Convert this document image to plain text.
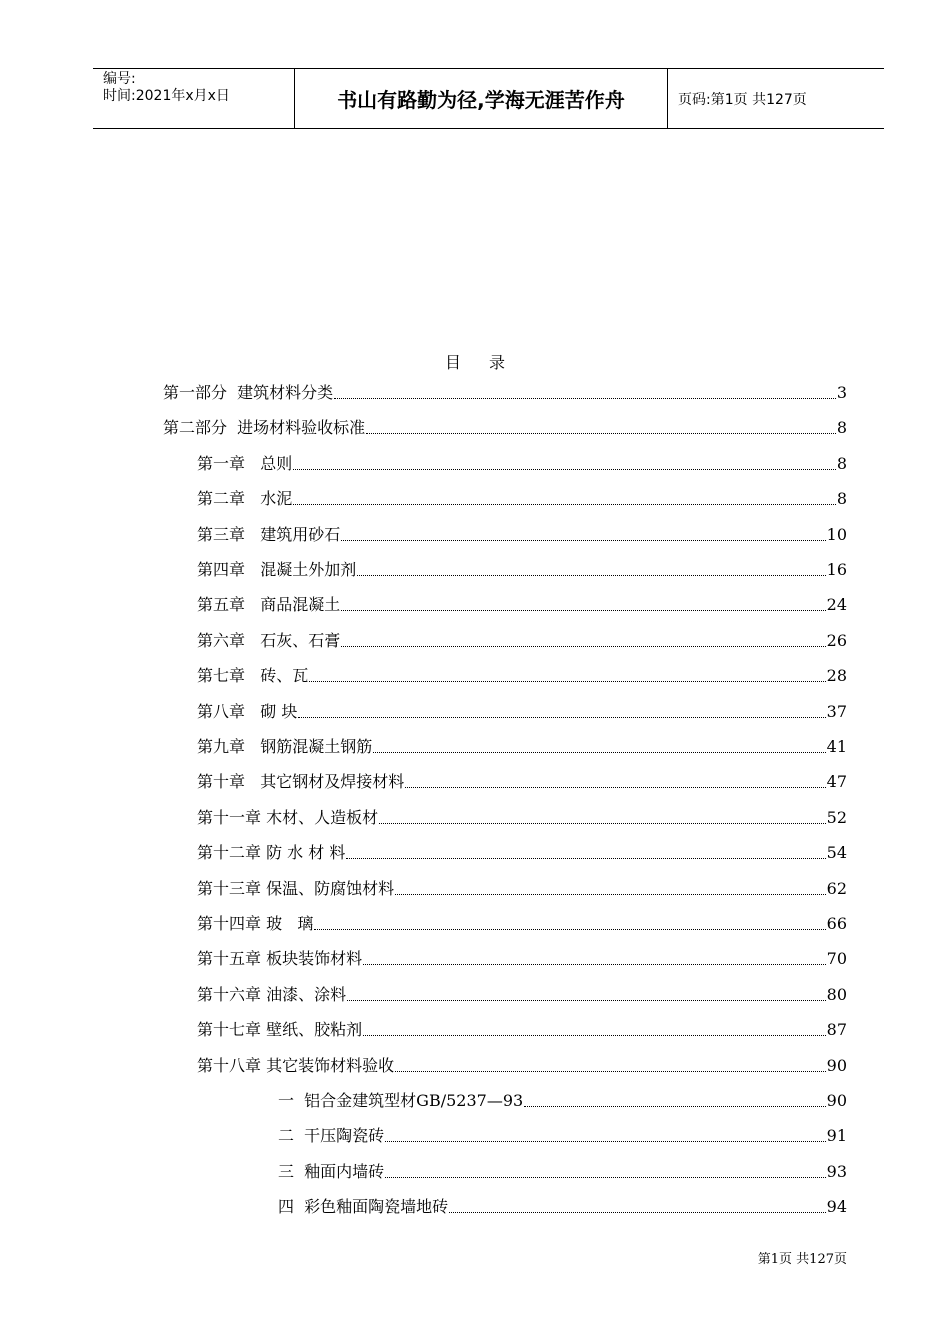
编号:
时间:2021年x月x日	书山有路勤为径,学海无涯苦作舟	页码:第1页 共127页
目 录
第一部分  建筑材料分类	3
第二部分  进场材料验收标准	8
第一章   总则	8
第二章   水泥	8
第三章   建筑用砂石	10
第四章   混凝土外加剂	16
第五章   商品混凝土	24
第六章   石灰、石膏	26
第七章   砖、瓦	28
第八章   砌 块	37
第九章   钢筋混凝土钢筋	41
第十章   其它钢材及焊接材料	47
第十一章 木材、人造板材	52
第十二章 防 水 材 料	54
第十三章 保温、防腐蚀材料	62
第十四章 玻   璃	66
第十五章 板块装饰材料	70
第十六章 油漆、涂料	80
第十七章 壁纸、胶粘剂	87
第十八章 其它装饰材料验收	90
一  铝合金建筑型材GB/5237—93	90
二  干压陶瓷砖	91
三  釉面内墙砖	93
四  彩色釉面陶瓷墙地砖	94
第1页 共127页
